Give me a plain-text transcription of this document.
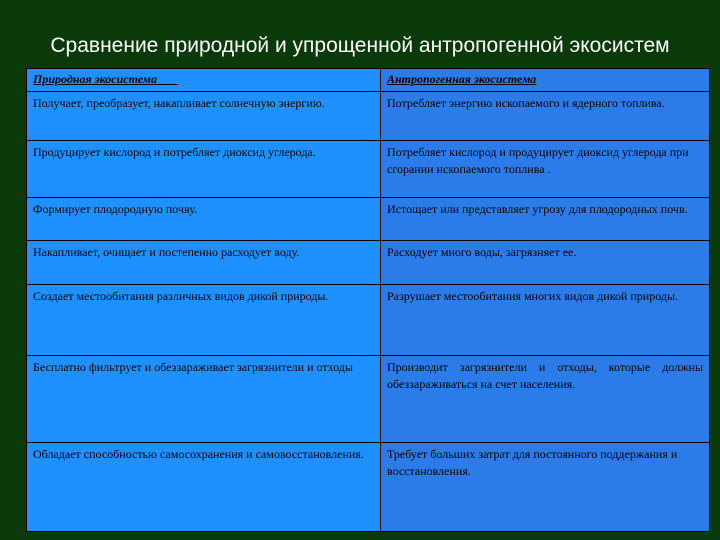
Сравнение природной и упрощенной антропогенной экосистем
Природная экосистема	Антропогенная экосистема
Получает, преобразует, накапливает солнечную энергию.	Потребляет энергию ископаемого и ядерного топлива.
Продуцирует кислород и потребляет диоксид углерода.	Потребляет кислород и продуцирует диоксид углерода при сгорании ископаемого топлива .
Формирует плодородную почву.	Истощает или представляет угрозу для плодородных почв.
Накапливает, очищает и постепенно расходует воду.	Расходует много воды, загрязняет ее.
Создает местообитания различных видов дикой природы.	Разрушает местообитания многих видов дикой природы.
Бесплатно фильтрует и обеззараживает загрязнители и отходы	Производит загрязнители и отходы, которые должны обеззараживаться на счет населения.
Обладает способностью самосохранения и самовосстановления.	Требует больших затрат для постоянного поддержания и восстановления.
